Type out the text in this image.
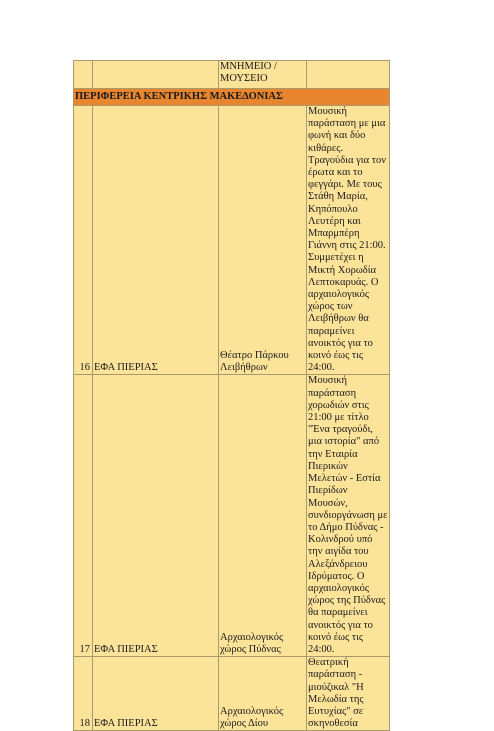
		ΜΝΗΜΕΙΟ / ΜΟΥΣΕΙΟ	

ΠΕΡΙΦΕΡΕΙΑ ΚΕΝΤΡΙΚΗΣ ΜΑΚΕΔΟΝΙΑΣ			
16	ΕΦΑ ΠΙΕΡΙΑΣ	Θέατρο Πάρκου Λειβήθρων	Μουσική παράσταση με μια φωνή και δύο κιθάρες. Τραγούδια για τον έρωτα και το φεγγάρι. Με τους Στάθη Μαρία, Κηπόπουλο Λευτέρη και Μπαρμπέρη Γιάννη στις 21:00. Συμμετέχει η Μικτή Χορωδία Λεπτοκαρυάς. Ο αρχαιολογικός χώρος των Λειβήθρων θα παραμείνει ανοικτός για το κοινό έως τις 24:00.

17	ΕΦΑ ΠΙΕΡΙΑΣ	Αρχαιολογικός χώρος Πύδνας	Μουσική παράσταση χορωδιών στις 21:00 με τίτλο "Ένα τραγούδι, μια ιστορία" από την Εταιρία Πιερικών Μελετών - Εστία Πιερίδων Μουσών, συνδιοργάνωση με το Δήμο Πύδνας - Κολινδρού υπό την αιγίδα του Αλεξάνδρειου Ιδρύματος. Ο αρχαιολογικός χώρος της Πύδνας θα παραμείνει ανοικτός για το κοινό έως τις 24:00.

18	ΕΦΑ ΠΙΕΡΙΑΣ	Αρχαιολογικός χώρος Δίου	Θεατρική παράσταση - μιούζικαλ "Η Μελωδία της Ευτυχίας" σε σκηνοθεσία
